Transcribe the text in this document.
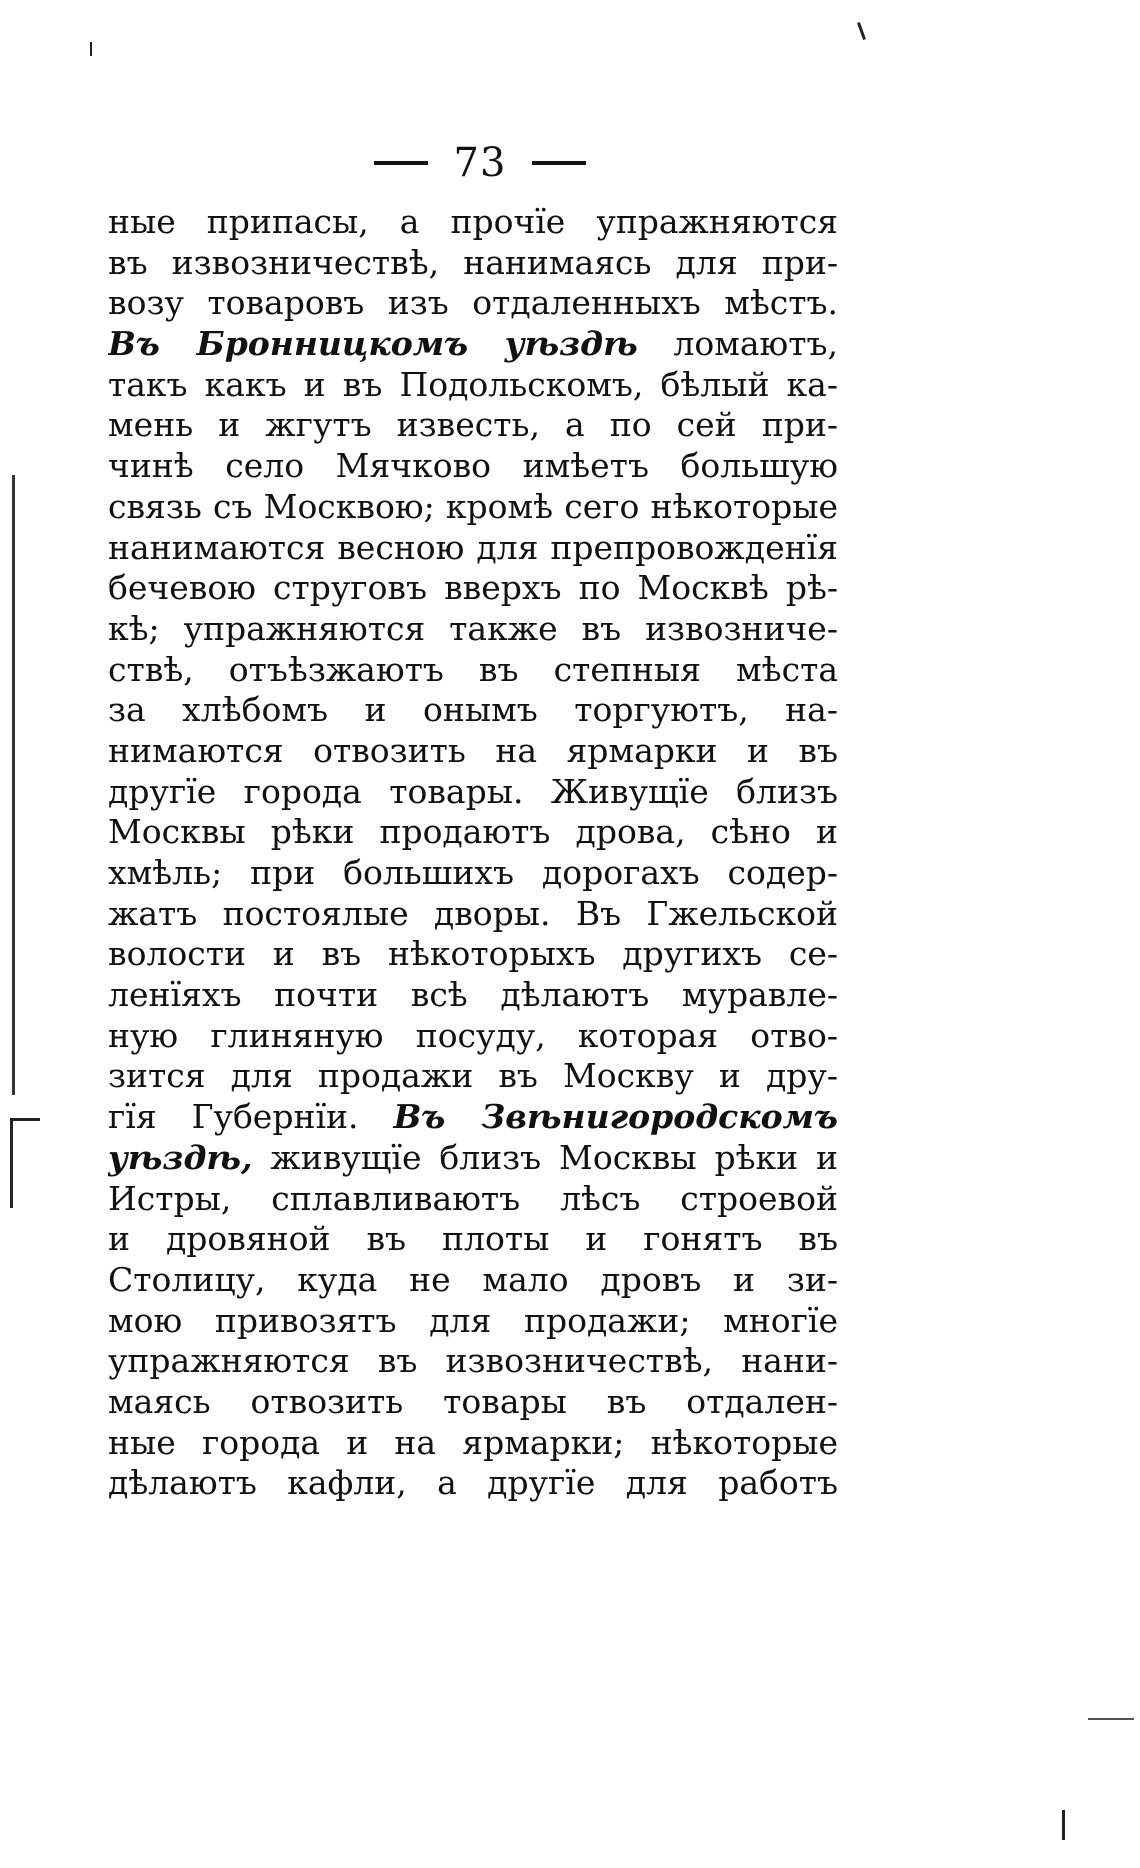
73
ные припасы, а прочїе упражняются
въ извозничествѣ, нанимаясь для при-
возу товаровъ изъ отдаленныхъ мѣстъ.
Въ Бронницкомъ уѣздѣ ломаютъ,
такъ какъ и въ Подольскомъ, бѣлый ка-
мень и жгутъ известь, а по сей при-
чинѣ село Мячково имѣетъ большую
связь съ Москвою; кромѣ сего нѣкоторые
нанимаются весною для препровожденїя
бечевою струговъ вверхъ по Москвѣ рѣ-
кѣ; упражняются также въ извозниче-
ствѣ, отъѣзжаютъ въ степныя мѣста
за хлѣбомъ и онымъ торгуютъ, на-
нимаются отвозить на ярмарки и въ
другїе города товары. Живущїе близъ
Москвы рѣки продаютъ дрова, сѣно и
хмѣль; при большихъ дорогахъ содер-
жатъ постоялые дворы. Въ Гжельской
волости и въ нѣкоторыхъ другихъ се-
ленїяхъ почти всѣ дѣлаютъ муравле-
ную глиняную посуду, которая отво-
зится для продажи въ Москву и дру-
гїя Губернїи. Въ Звѣнигородскомъ
уѣздѣ, живущїе близъ Москвы рѣки и
Истры, сплавливаютъ лѣсъ строевой
и дровяной въ плоты и гонятъ въ
Столицу, куда не мало дровъ и зи-
мою привозятъ для продажи; многїе
упражняются въ извозничествѣ, нани-
маясь отвозить товары въ отдален-
ные города и на ярмарки; нѣкоторые
дѣлаютъ кафли, а другїе для работъ
